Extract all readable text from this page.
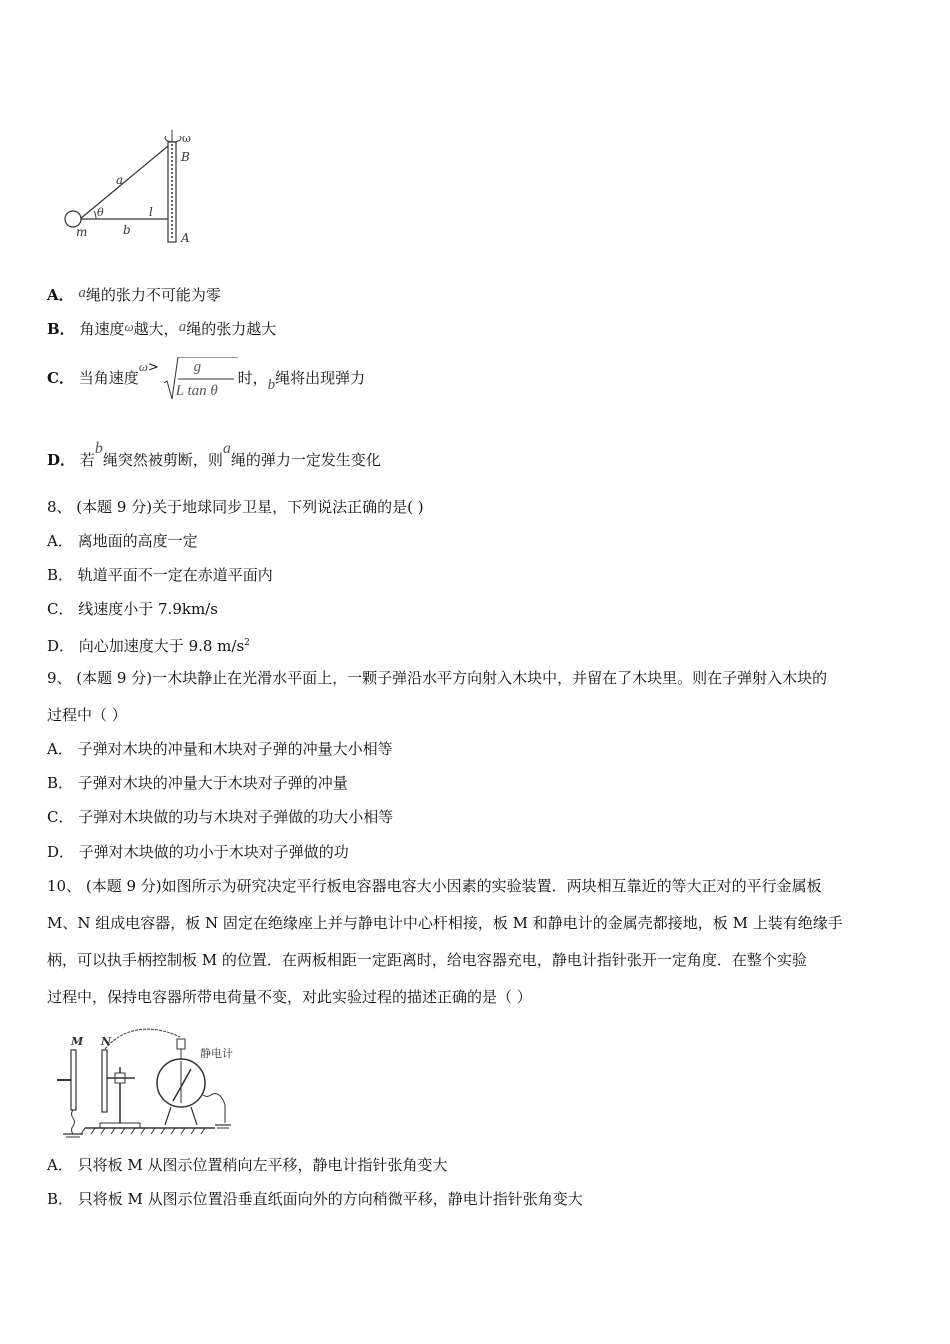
ω
B
A
a
θ	l
m	b
A． a绳的张力不可能为零
B． 角速度ω越大，a绳的张力越大
C． 当角速度ω> g
L tan θ
时，b绳将出现弹力
D． 若b绳突然被剪断，则a绳的弹力一定发生变化
8、 (本题 9 分)关于地球同步卫星，下列说法正确的是( )
A． 离地面的高度一定
B． 轨道平面不一定在赤道平面内
C． 线速度小于 7.9km/s
D． 向心加速度大于 9.8 $m/s^2$
9、 (本题 9 分)一木块静止在光滑水平面上，一颗子弹沿水平方向射入木块中，并留在了木块里。则在子弹射入木块的
过程中（ ）
A． 子弹对木块的冲量和木块对子弹的冲量大小相等
B． 子弹对木块的冲量大于木块对子弹的冲量
C． 子弹对木块做的功与木块对子弹做的功大小相等
D． 子弹对木块做的功小于木块对子弹做的功
10、 (本题 9 分)如图所示为研究决定平行板电容器电容大小因素的实验装置．两块相互靠近的等大正对的平行金属板
M、N 组成电容器，板 N 固定在绝缘座上并与静电计中心杆相接，板 M 和静电计的金属壳都接地，板 M 上装有绝缘手
柄，可以执手柄控制板 M 的位置．在两板相距一定距离时，给电容器充电，静电计指针张开一定角度．在整个实验
过程中，保持电容器所带电荷量不变，对此实验过程的描述正确的是（ ）
M N
静电计
A． 只将板 M 从图示位置稍向左平移，静电计指针张角变大
B． 只将板 M 从图示位置沿垂直纸面向外的方向稍微平移，静电计指针张角变大
